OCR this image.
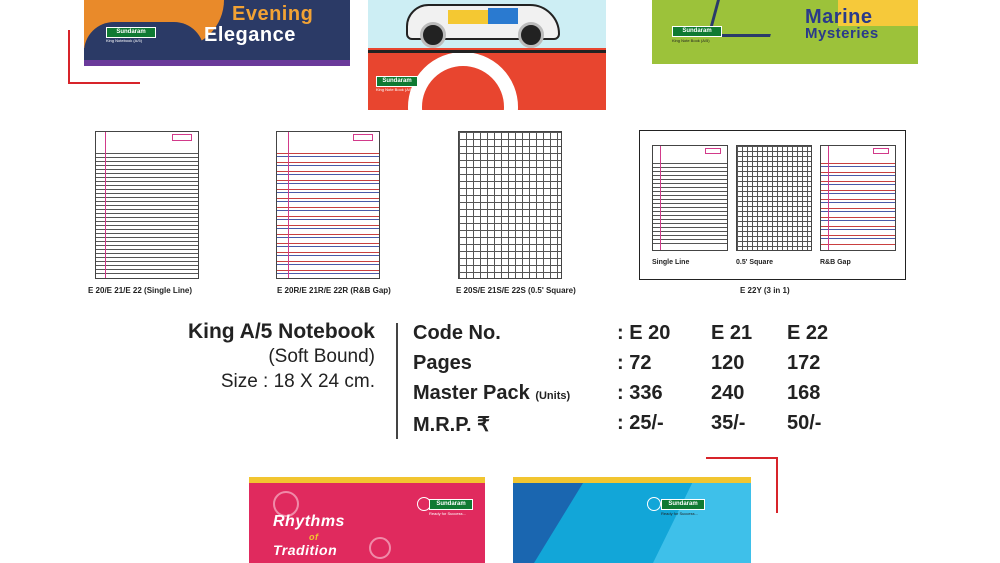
Sundaram
King Notebook (A/5)
Evening
Elegance
Sundaram
King Note Book (A/5)
Sundaram
King Note Book (A/5)
Marine
Mysteries
E 20/E 21/E 22 (Single Line)	E 20R/E 21R/E 22R (R&B Gap)	E 20S/E 21S/E 22S (0.5' Square)
Single Line	0.5' Square	R&B Gap
E 22Y (3 in 1)
King A/5 Notebook
(Soft Bound)
Size : 18 X 24 cm.
Code No.	: E 20 E 21 E 22
Pages	: 72	120 172
Master Pack (Units) : 336 240 168
M.R.P. ₹	: 25/- 35/- 50/-
Sundaram
Ready for Success...
Rhythms
of
Tradition
Sundaram
Ready for Success...
